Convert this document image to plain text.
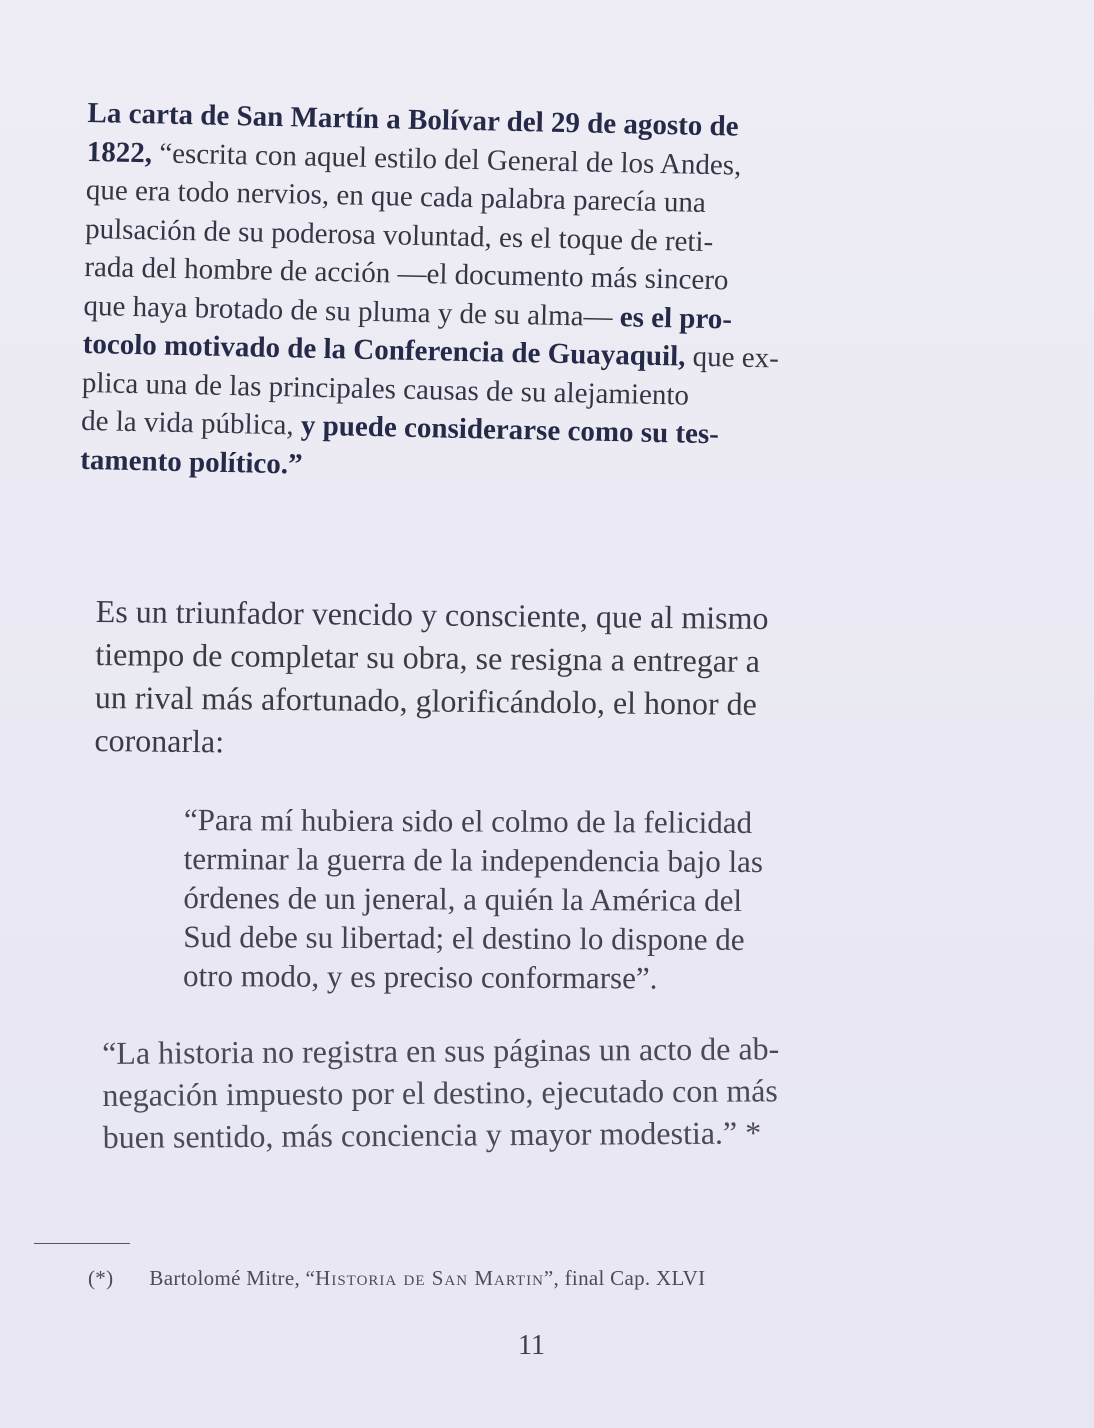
La carta de San Martín a Bolívar del 29 de agosto de
1822, “escrita con aquel estilo del General de los Andes,
que era todo nervios, en que cada palabra parecía una
pulsación de su poderosa voluntad, es el toque de reti-
rada del hombre de acción —el documento más sincero
que haya brotado de su pluma y de su alma— es el pro-
tocolo motivado de la Conferencia de Guayaquil, que ex-
plica una de las principales causas de su alejamiento
de la vida pública, y puede considerarse como su tes-
tamento político.”
Es un triunfador vencido y consciente, que al mismo
tiempo de completar su obra, se resigna a entregar a
un rival más afortunado, glorificándolo, el honor de
coronarla:
“Para mí hubiera sido el colmo de la felicidad
terminar la guerra de la independencia bajo las
órdenes de un jeneral, a quién la América del
Sud debe su libertad; el destino lo dispone de
otro modo, y es preciso conformarse”.
“La historia no registra en sus páginas un acto de ab-
negación impuesto por el destino, ejecutado con más
buen sentido, más conciencia y mayor modestia.” *
(*) Bartolomé Mitre, “Historia de San Martin”, final Cap. XLVI
11
